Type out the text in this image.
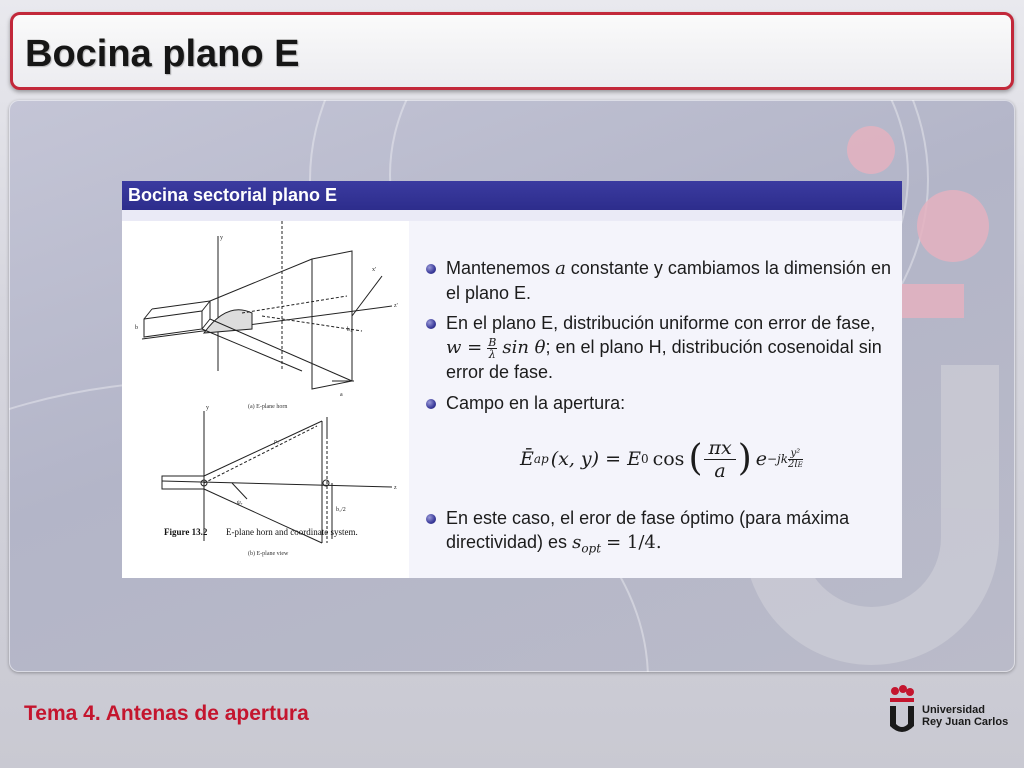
Bocina plano E
Bocina sectorial plano E
y
z'
x'
a
b₁
b
y
ρ₁
z
b₁/2
ψₑ
(a) E-plane horn
(b) E-plane view
Mantenemos a constante y cambiamos la dimensión en el plano E.
En el plano E, distribución uniforme con error de fase, $w = \frac{B}{\lambda}$ sin θ; en el plano H, distribución cosenoidal sin error de fase.
Campo en la apertura:
Ē ap (x, y) = E 0 cos ( $\frac{\pi x}{a}$ ) e −jk y²
2lE
En este caso, el eror de fase óptimo (para máxima directividad) es $s_{opt} = 1/4$.
Figure 13.2 E-plane horn and coordinate system.
Tema 4. Antenas de apertura	Universidad
Rey Juan Carlos
